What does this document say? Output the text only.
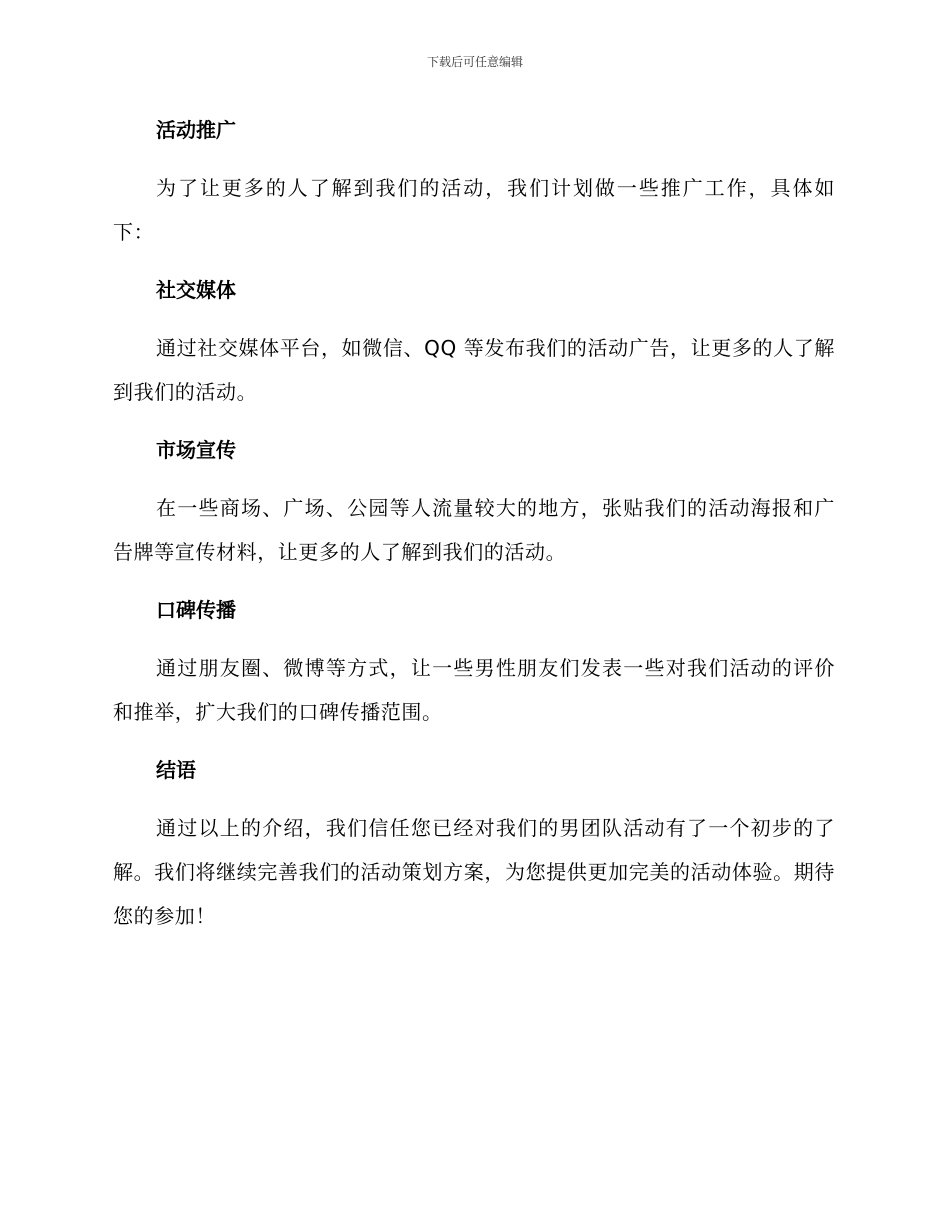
下载后可任意编辑
活动推广

为了让更多的人了解到我们的活动，我们计划做一些推广工作，具体如下：

社交媒体

通过社交媒体平台，如微信、QQ 等发布我们的活动广告，让更多的人了解到我们的活动。

市场宣传

在一些商场、广场、公园等人流量较大的地方，张贴我们的活动海报和广告牌等宣传材料，让更多的人了解到我们的活动。

口碑传播

通过朋友圈、微博等方式，让一些男性朋友们发表一些对我们活动的评价和推举，扩大我们的口碑传播范围。

结语

通过以上的介绍，我们信任您已经对我们的男团队活动有了一个初步的了解。我们将继续完善我们的活动策划方案，为您提供更加完美的活动体验。期待您的参加！
